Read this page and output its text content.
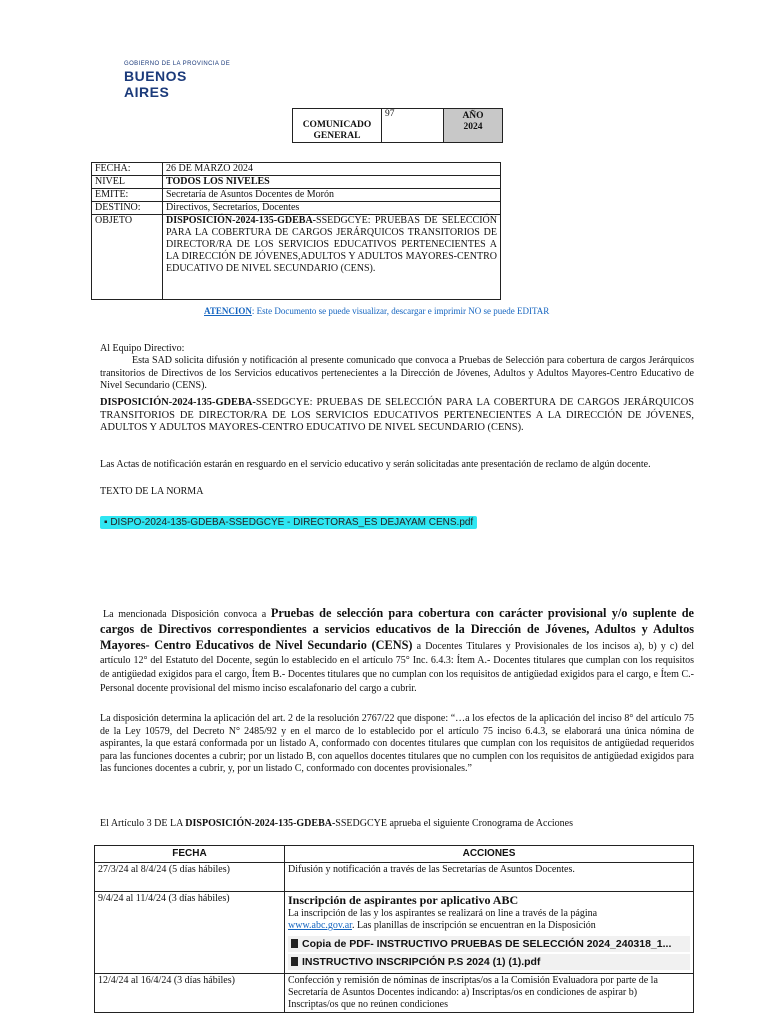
GOBIERNO DE LA PROVINCIA DE
BUENOS AIRES
COMUNICADO GENERAL
	97	AÑO
2024
FECHA:	26 DE MARZO 2024
NIVEL	TODOS LOS NIVELES
EMITE:	Secretaría de Asuntos Docentes de Morón
DESTINO:	Directivos, Secretarios, Docentes
OBJETO	DISPOSICIÓN-2024-135-GDEBA-SSEDGCYE: PRUEBAS DE SELECCIÓN PARA LA COBERTURA DE CARGOS JERÁRQUICOS TRANSITORIOS DE DIRECTOR/RA DE LOS SERVICIOS EDUCATIVOS PERTENECIENTES A LA DIRECCIÓN DE JÓVENES,ADULTOS Y ADULTOS MAYORES-CENTRO EDUCATIVO DE NIVEL SECUNDARIO (CENS).
ATENCION: Este Documento se puede visualizar, descargar e imprimir NO se puede EDITAR
Al Equipo Directivo:
Esta SAD solicita difusión y notificación al presente comunicado que convoca a Pruebas de Selección para cobertura de cargos Jerárquicos transitorios de Directivos de los Servicios educativos pertenecientes a la Dirección de Jóvenes, Adultos y Adultos Mayores-Centro Educativo de Nivel Secundario (CENS).
DISPOSICIÓN-2024-135-GDEBA-SSEDGCYE: PRUEBAS DE SELECCIÓN PARA LA COBERTURA DE CARGOS JERÁRQUICOS TRANSITORIOS DE DIRECTOR/RA DE LOS SERVICIOS EDUCATIVOS PERTENECIENTES A LA DIRECCIÓN DE JÓVENES, ADULTOS Y ADULTOS MAYORES-CENTRO EDUCATIVO DE NIVEL SECUNDARIO (CENS).
Las Actas de notificación estarán en resguardo en el servicio educativo y serán solicitadas ante presentación de reclamo de algún docente.
TEXTO DE LA NORMA
▪ DISPO-2024-135-GDEBA-SSEDGCYE - DIRECTORAS_ES DEJAYAM CENS.pdf
La mencionada Disposición convoca a Pruebas de selección para cobertura con carácter provisional y/o suplente de cargos de Directivos correspondientes a servicios educativos de la Dirección de Jóvenes, Adultos y Adultos Mayores- Centro Educativos de Nivel Secundario (CENS) a Docentes Titulares y Provisionales de los incisos a), b) y c) del artículo 12° del Estatuto del Docente, según lo establecido en el artículo 75° Inc. 6.4.3: Ítem A.- Docentes titulares que cumplan con los requisitos de antigüedad exigidos para el cargo, Ítem B.- Docentes titulares que no cumplan con los requisitos de antigüedad exigidos para el cargo, e Ítem C.- Personal docente provisional del mismo inciso escalafonario del cargo a cubrir.
La disposición determina la aplicación del art. 2 de la resolución 2767/22 que dispone: “…a los efectos de la aplicación del inciso 8° del artículo 75 de la Ley 10579, del Decreto N° 2485/92 y en el marco de lo establecido por el artículo 75 inciso 6.4.3, se elaborará una única nómina de aspirantes, la que estará conformada por un listado A, conformado con docentes titulares que cumplan con los requisitos de antigüedad requeridos para las funciones docentes a cubrir; por un listado B, con aquellos docentes titulares que no cumplen con los requisitos de antigüedad exigidos para las funciones docentes a cubrir, y, por un listado C, conformado con docentes provisionales.”
El Artículo 3 DE LA DISPOSICIÓN-2024-135-GDEBA-SSEDGCYE aprueba el siguiente Cronograma de Acciones
FECHA	ACCIONES
27/3/24 al 8/4/24 (5 días hábiles)	Difusión y notificación a través de las Secretarías de Asuntos Docentes.
9/4/24 al 11/4/24 (3 días hábiles)	Inscripción de aspirantes por aplicativo ABC
La inscripción de las y los aspirantes se realizará on line a través de la página
www.abc.gov.ar. Las planillas de inscripción se encuentran en la Disposición
Copia de PDF- INSTRUCTIVO PRUEBAS DE SELECCIÓN 2024_240318_1...
INSTRUCTIVO INSCRIPCIÓN P.S 2024 (1) (1).pdf

12/4/24 al 16/4/24 (3 días hábiles)	Confección y remisión de nóminas de inscriptas/os a la Comisión Evaluadora por parte de la Secretaría de Asuntos Docentes indicando: a) Inscriptas/os en condiciones de aspirar b) Inscriptas/os que no reúnen condiciones
